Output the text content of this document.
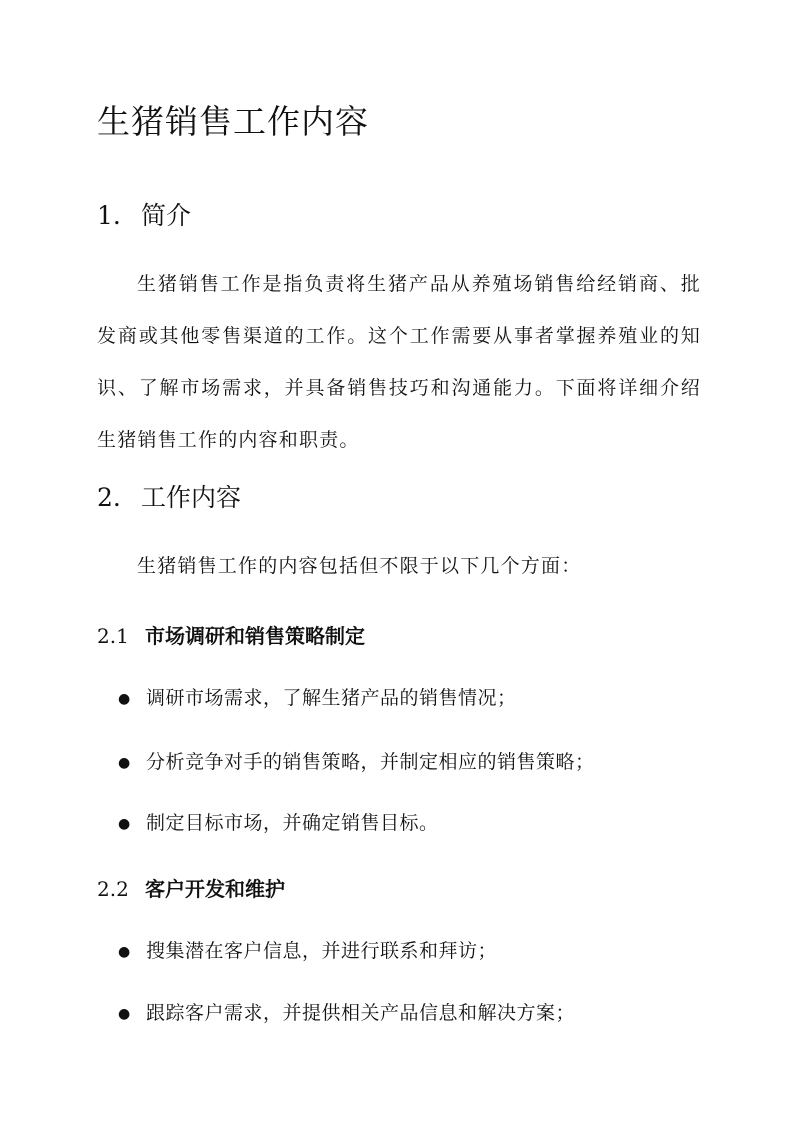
生猪销售工作内容
1. 简介

生猪销售工作是指负责将生猪产品从养殖场销售给经销商、批发商或其他零售渠道的工作。这个工作需要从事者掌握养殖业的知识、了解市场需求，并具备销售技巧和沟通能力。下面将详细介绍生猪销售工作的内容和职责。

2. 工作内容

生猪销售工作的内容包括但不限于以下几个方面：

2.1 市场调研和销售策略制定

● 调研市场需求，了解生猪产品的销售情况；

● 分析竞争对手的销售策略，并制定相应的销售策略；

● 制定目标市场，并确定销售目标。

2.2 客户开发和维护

● 搜集潜在客户信息，并进行联系和拜访；

● 跟踪客户需求，并提供相关产品信息和解决方案；
